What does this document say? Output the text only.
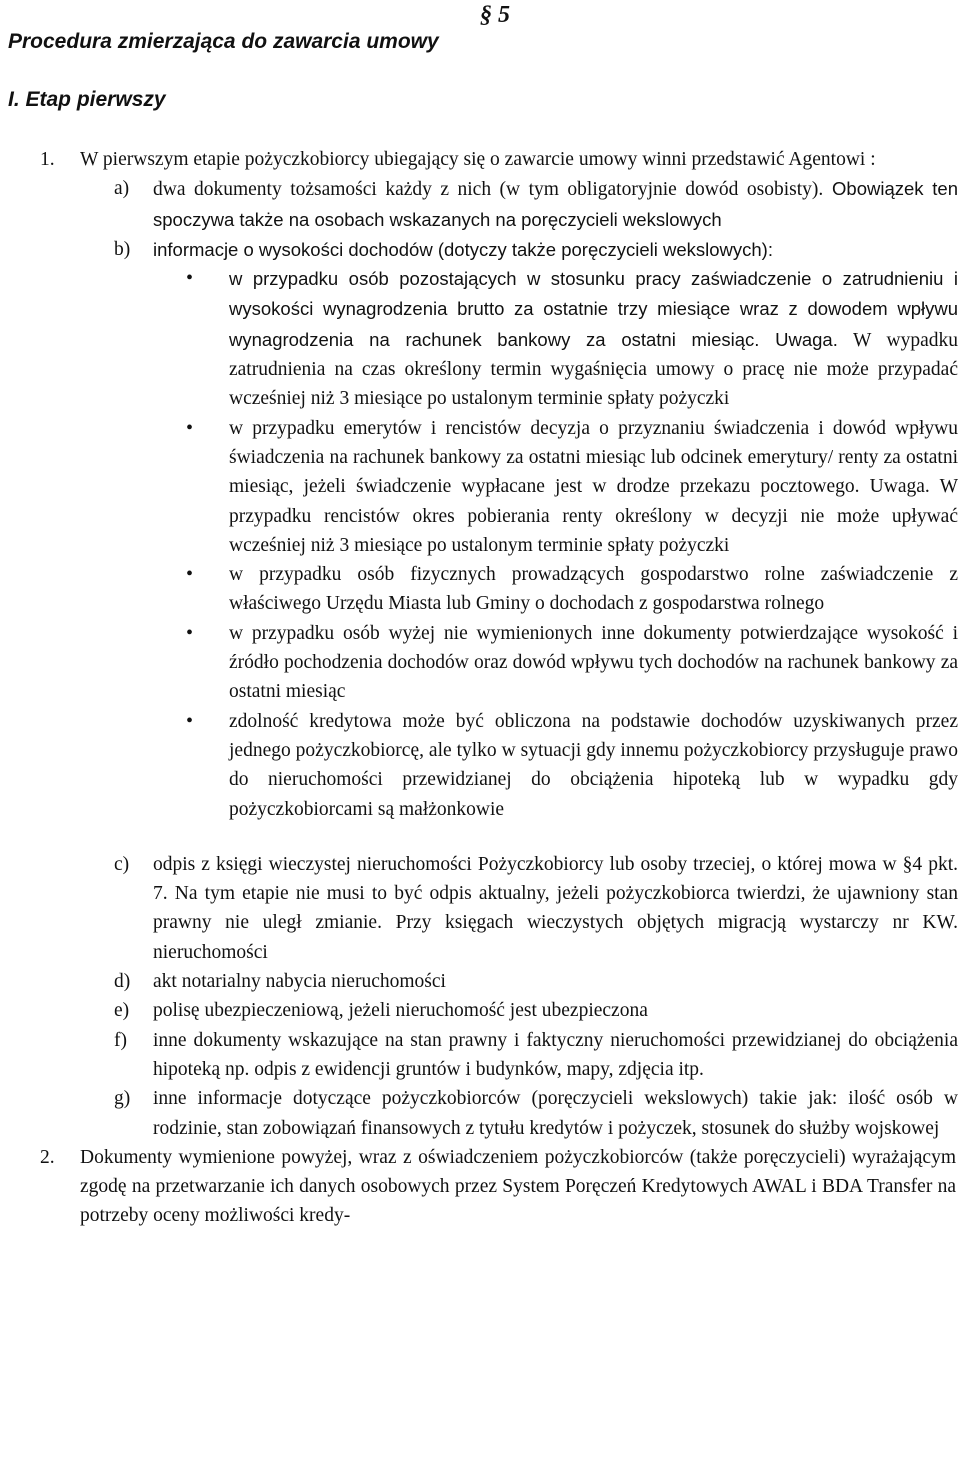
§ 5
Procedura zmierzająca do zawarcia umowy
I. Etap pierwszy
1. W pierwszym etapie pożyczkobiorcy ubiegający się o zawarcie umowy winni przedstawić Agentowi :

a) dwa dokumenty tożsamości każdy z nich (w tym obligatoryjnie dowód osobisty). Obowiązek ten spoczywa także na osobach wskazanych na poręczycieli wekslowych

b) informacje o wysokości dochodów (dotyczy także poręczycieli wekslowych):

• w przypadku osób pozostających w stosunku pracy zaświadczenie o zatrudnieniu i wysokości wynagrodzenia brutto za ostatnie trzy miesiące wraz z dowodem wpływu wynagrodzenia na rachunek bankowy za ostatni miesiąc. Uwaga. W wypadku zatrudnienia na czas określony termin wygaśnięcia umowy o pracę nie może przypadać wcześniej niż 3 miesiące po ustalonym terminie spłaty pożyczki

• w przypadku emerytów i rencistów decyzja o przyznaniu świadczenia i dowód wpływu świadczenia na rachunek bankowy za ostatni miesiąc lub odcinek emerytury/ renty za ostatni miesiąc, jeżeli świadczenie wypłacane jest w drodze przekazu pocztowego. Uwaga. W przypadku rencistów okres pobierania renty określony w decyzji nie może upływać wcześniej niż 3 miesiące po ustalonym terminie spłaty pożyczki

• w przypadku osób fizycznych prowadzących gospodarstwo rolne zaświadczenie z właściwego Urzędu Miasta lub Gminy o dochodach z gospodarstwa rolnego

• w przypadku osób wyżej nie wymienionych inne dokumenty potwierdzające wysokość i źródło pochodzenia dochodów oraz dowód wpływu tych dochodów na rachunek bankowy za ostatni miesiąc

• zdolność kredytowa może być obliczona na podstawie dochodów uzyskiwanych przez jednego pożyczkobiorcę, ale tylko w sytuacji gdy innemu pożyczkobiorcy przysługuje prawo do nieruchomości przewidzianej do obciążenia hipoteką lub w wypadku gdy pożyczkobiorcami są małżonkowie

c) odpis z księgi wieczystej nieruchomości Pożyczkobiorcy lub osoby trzeciej, o której mowa w §4 pkt. 7. Na tym etapie nie musi to być odpis aktualny, jeżeli pożyczkobiorca twierdzi, że ujawniony stan prawny nie uległ zmianie. Przy księgach wieczystych objętych migracją wystarczy nr KW. nieruchomości

d) akt notarialny nabycia nieruchomości

e) polisę ubezpieczeniową, jeżeli nieruchomość jest ubezpieczona

f) inne dokumenty wskazujące na stan prawny i faktyczny nieruchomości przewidzianej do obciążenia hipoteką np. odpis z ewidencji gruntów i budynków, mapy, zdjęcia itp.

g) inne informacje dotyczące pożyczkobiorców (poręczycieli wekslowych) takie jak: ilość osób w rodzinie, stan zobowiązań finansowych z tytułu kredytów i pożyczek, stosunek do służby wojskowej

2. Dokumenty wymienione powyżej, wraz z oświadczeniem pożyczkobiorców (także poręczycieli) wyrażającym zgodę na przetwarzanie ich danych osobowych przez System Poręczeń Kredytowych AWAL i BDA Transfer na potrzeby oceny możliwości kredy-
